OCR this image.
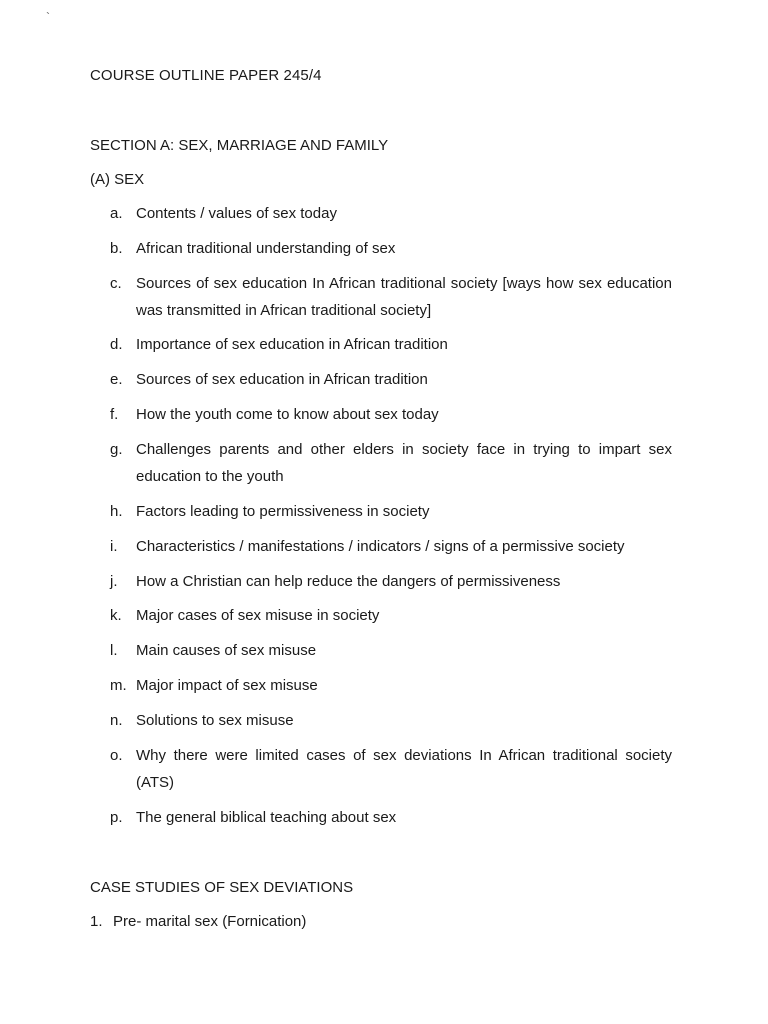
`
COURSE OUTLINE PAPER 245/4
SECTION A: SEX, MARRIAGE AND FAMILY
(A) SEX
a. Contents / values of sex today
b. African traditional understanding of sex
c. Sources of sex education In African traditional society [ways how sex education was transmitted in African traditional society]
d. Importance of sex education in African tradition
e. Sources of sex education in African tradition
f.	How the youth come to know about sex today
g. Challenges parents and other elders in society face in trying to impart sex education to the youth
h. Factors leading to permissiveness in society
i.	Characteristics / manifestations / indicators / signs of a permissive society
j.	How a Christian can help reduce the dangers of permissiveness
k. Major cases of sex misuse in society
l.	Main causes of sex misuse
m. Major impact of sex misuse
n. Solutions to sex misuse
o. Why there were limited cases of sex deviations In African traditional society (ATS)
p. The general biblical teaching about sex
CASE STUDIES OF SEX DEVIATIONS
1. Pre- marital sex (Fornication)
